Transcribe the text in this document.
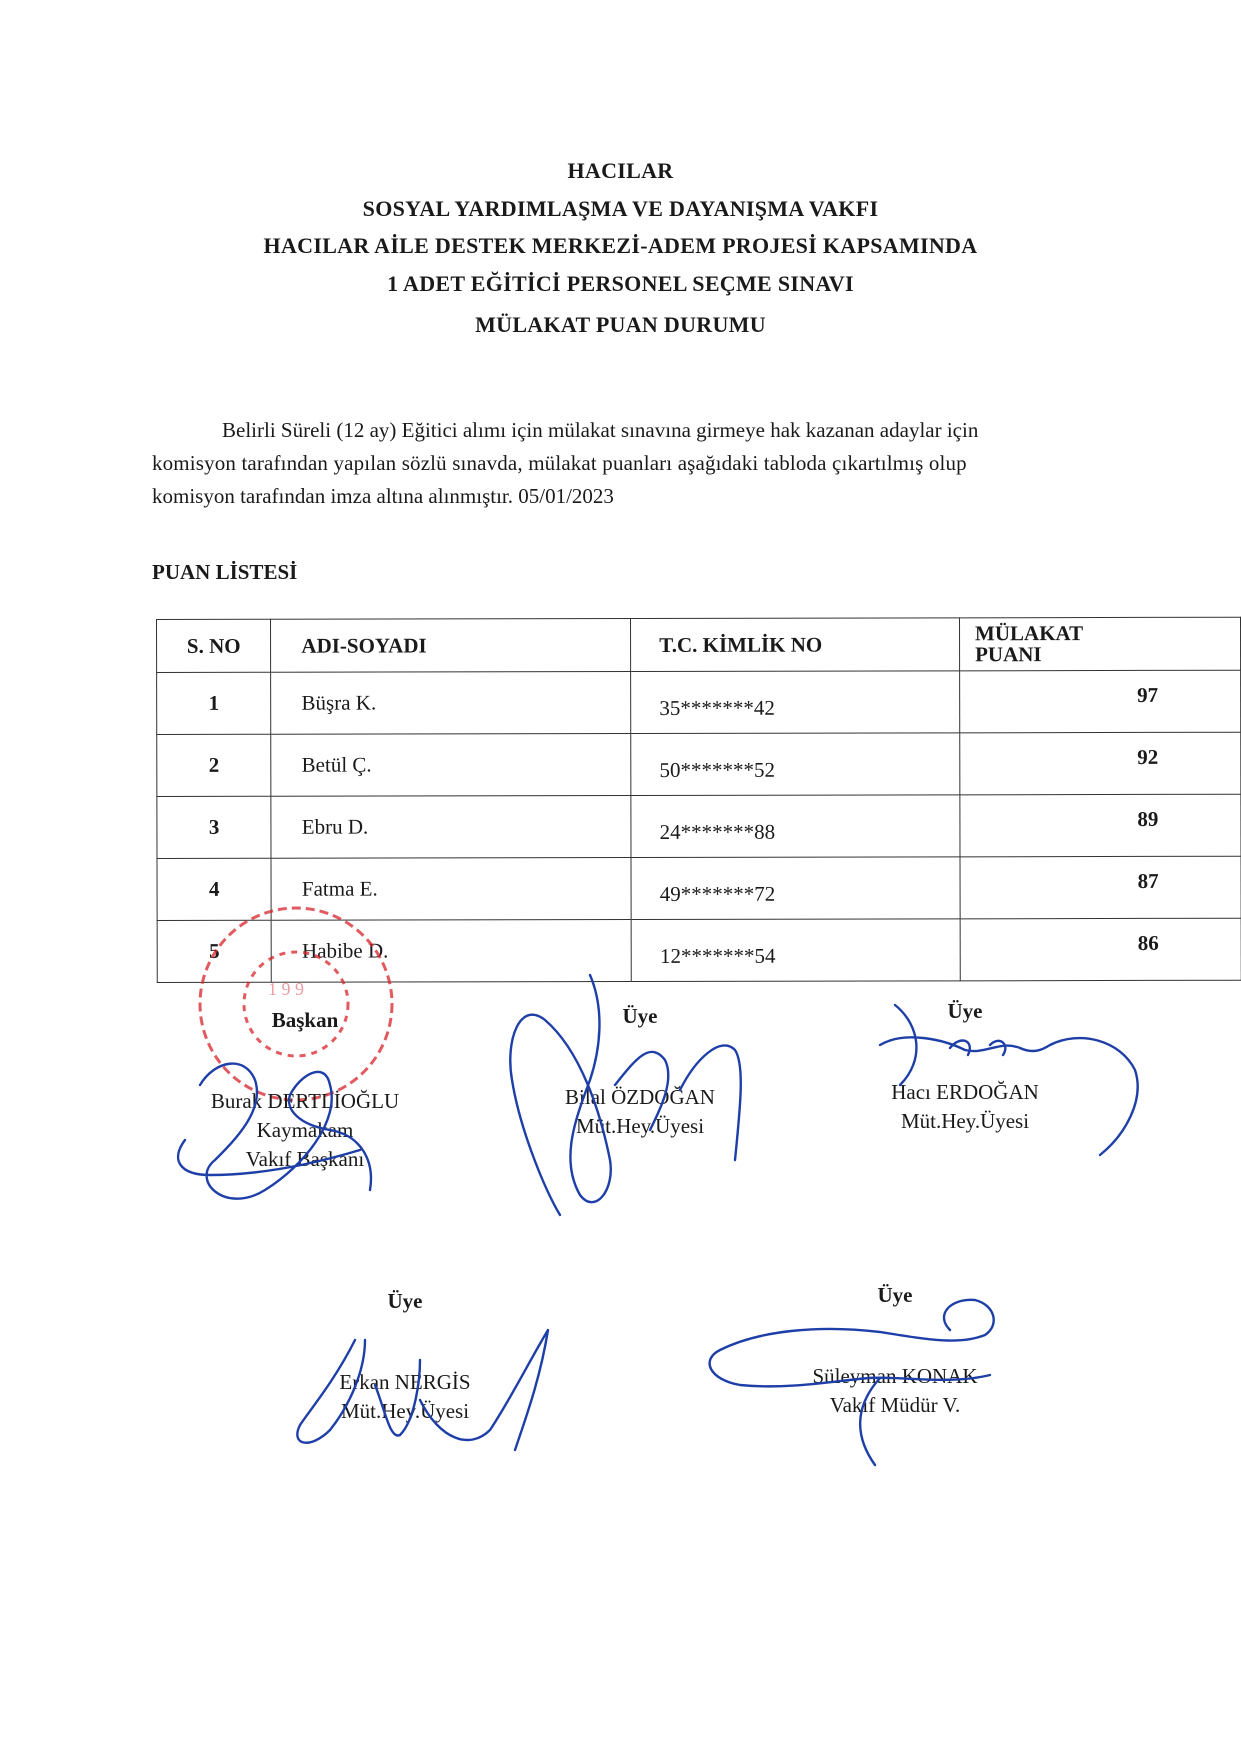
HACILAR
SOSYAL YARDIMLAŞMA VE DAYANIŞMA VAKFI
HACILAR AİLE DESTEK MERKEZİ-ADEM PROJESİ KAPSAMINDA
1 ADET EĞİTİCİ PERSONEL SEÇME SINAVI
MÜLAKAT PUAN DURUMU
Belirli Süreli (12 ay) Eğitici alımı için mülakat sınavına girmeye hak kazanan adaylar için
komisyon tarafından yapılan sözlü sınavda, mülakat puanları aşağıdaki tabloda çıkartılmış olup
komisyon tarafından imza altına alınmıştır. 05/01/2023
PUAN LİSTESİ
S. NO	ADI-SOYADI	T.C. KİMLİK NO	MÜLAKAT
PUANI
1	Büşra K.	35*******42	97
2	Betül Ç.	50*******52	92
3	Ebru D.	24*******88	89
4	Fatma E.	49*******72	87
5	Habibe D.	12*******54	86
1 9 9
Başkan
Burak DERTLİOĞLU
Kaymakam
Vakıf Başkanı
Üye
Bilal ÖZDOĞAN
Müt.Hey.Üyesi
Üye
Hacı ERDOĞAN
Müt.Hey.Üyesi
Üye
Erkan NERGİS
Müt.Hey.Üyesi
Üye
Süleyman KONAK
Vakıf Müdür V.
